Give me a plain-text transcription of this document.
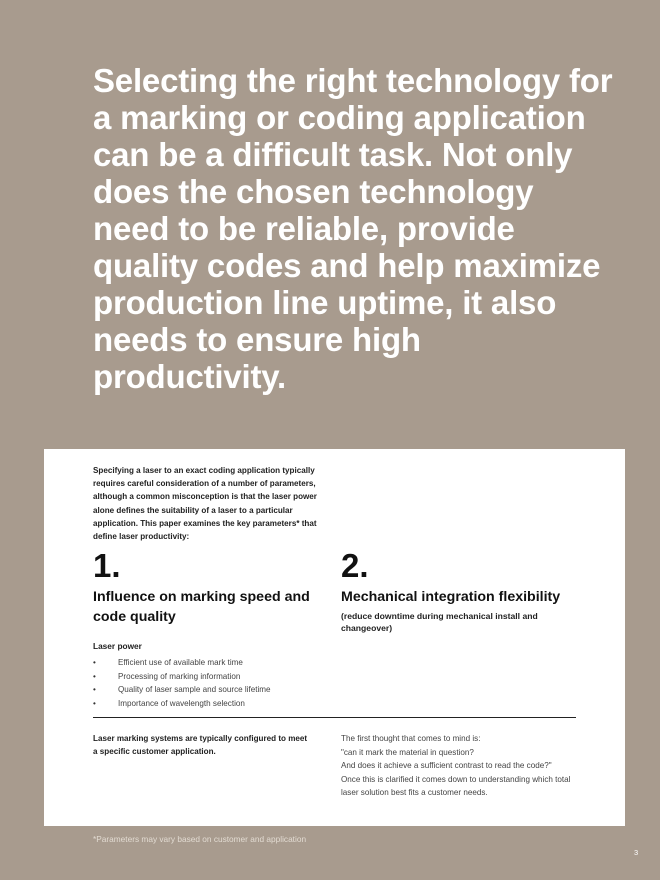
Selecting the right technology for a marking or coding application can be a difficult task. Not only does the chosen technology need to be reliable, provide quality codes and help maximize production line uptime, it also needs to ensure high productivity.

Specifying a laser to an exact coding application typically requires careful consideration of a number of parameters, although a common misconception is that the laser power alone defines the suitability of a laser to a particular application. This paper examines the key parameters* that define laser productivity:

1.

Influence on marking speed and code quality

Laser power

• Efficient use of available mark time
• Processing of marking information
• Quality of laser sample and source lifetime
• Importance of wavelength selection

2.

Mechanical integration flexibility

(reduce downtime during mechanical install and changeover)

Laser marking systems are typically configured to meet a specific customer application.

The first thought that comes to mind is:

"can it mark the material in question?

And does it achieve a sufficient contrast to read the code?"

Once this is clarified it comes down to understanding which total laser solution best fits a customer needs.

*Parameters may vary based on customer and application

3
